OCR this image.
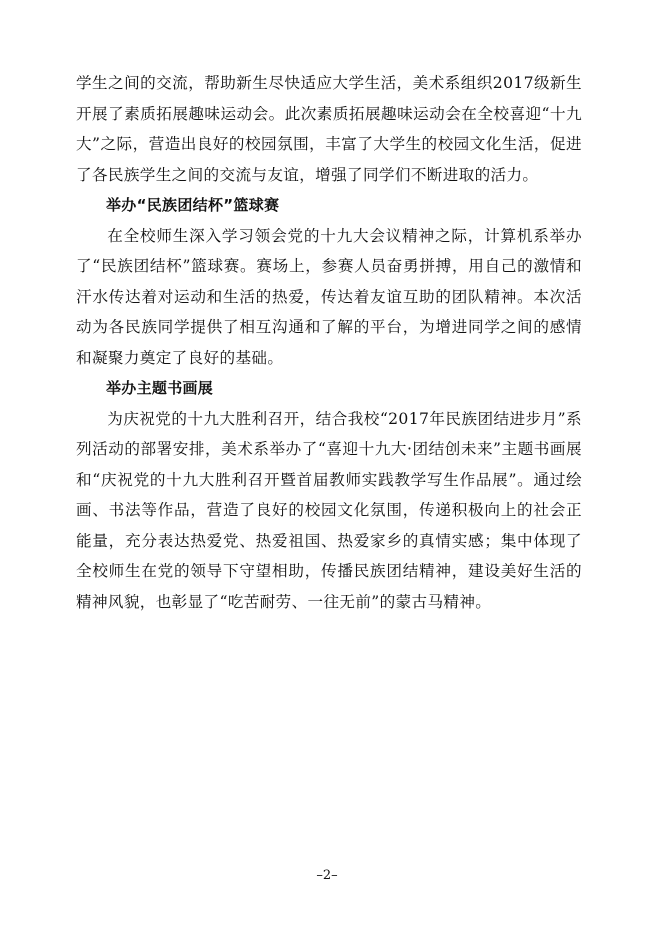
学生之间的交流，帮助新生尽快适应大学生活，美术系组织2017级新生开展了素质拓展趣味运动会。此次素质拓展趣味运动会在全校喜迎“十九大”之际，营造出良好的校园氛围，丰富了大学生的校园文化生活，促进了各民族学生之间的交流与友谊，增强了同学们不断进取的活力。

举办“民族团结杯”篮球赛

在全校师生深入学习领会党的十九大会议精神之际，计算机系举办了“民族团结杯”篮球赛。赛场上，参赛人员奋勇拼搏，用自己的激情和汗水传达着对运动和生活的热爱，传达着友谊互助的团队精神。本次活动为各民族同学提供了相互沟通和了解的平台，为增进同学之间的感情和凝聚力奠定了良好的基础。

举办主题书画展

为庆祝党的十九大胜利召开，结合我校“2017年民族团结进步月”系列活动的部署安排，美术系举办了“喜迎十九大·团结创未来”主题书画展和“庆祝党的十九大胜利召开暨首届教师实践教学写生作品展”。通过绘画、书法等作品，营造了良好的校园文化氛围，传递积极向上的社会正能量，充分表达热爱党、热爱祖国、热爱家乡的真情实感；集中体现了全校师生在党的领导下守望相助，传播民族团结精神，建设美好生活的精神风貌，也彰显了“吃苦耐劳、一往无前”的蒙古马精神。

–2–
